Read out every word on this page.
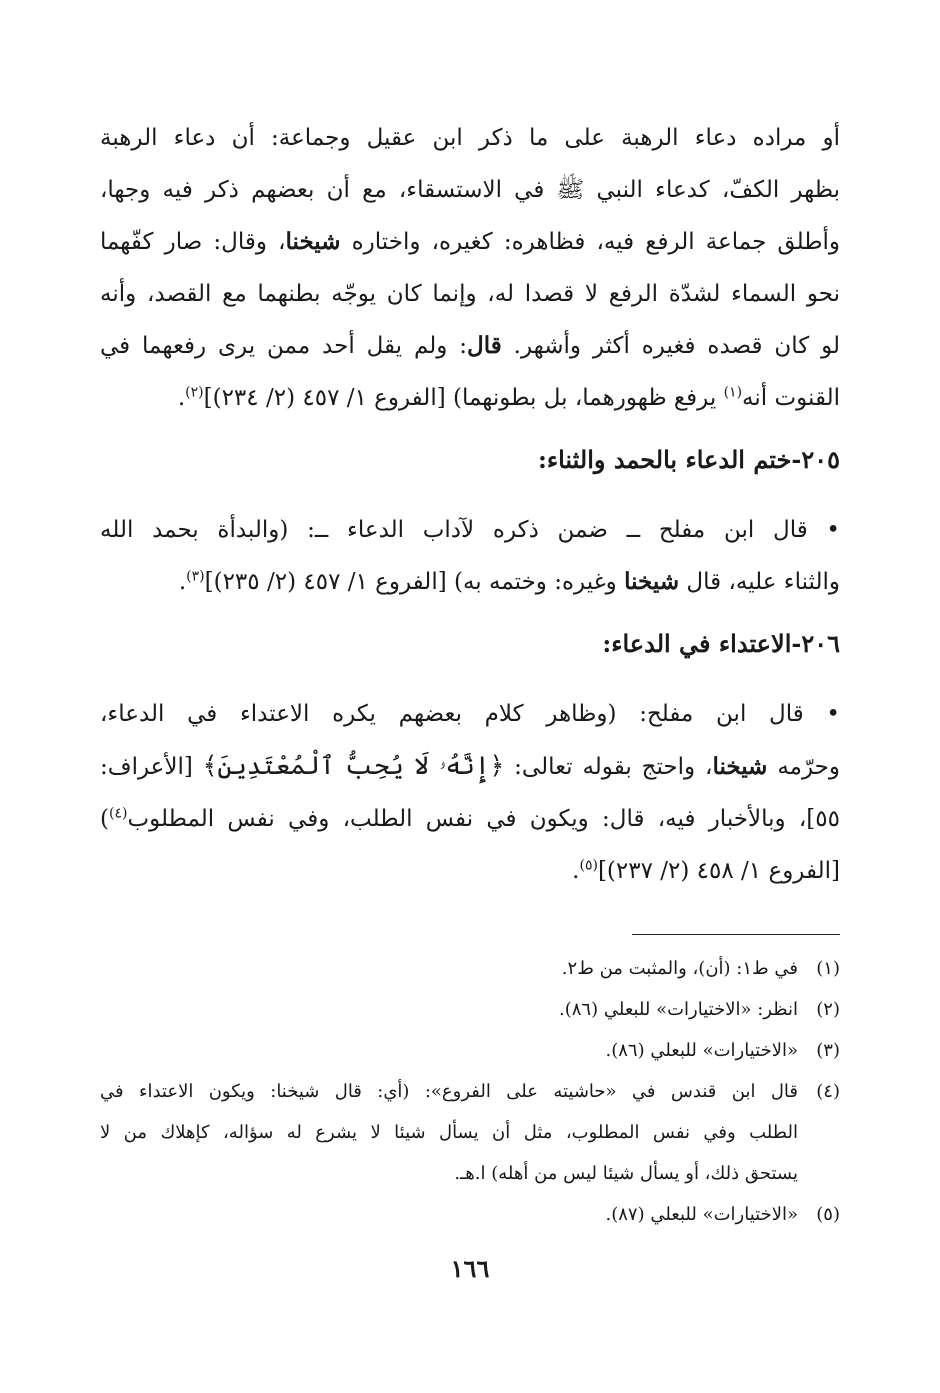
أو مراده دعاء الرهبة على ما ذكر ابن عقيل وجماعة: أن دعاء الرهبة
بظهر الكفّ، كدعاء النبي ﷺ في الاستسقاء، مع أن بعضهم ذكر فيه وجها،
وأطلق جماعة الرفع فيه، فظاهره: كغيره، واختاره شيخنا، وقال: صار كفّهما
نحو السماء لشدّة الرفع لا قصدا له، وإنما كان يوجّه بطنهما مع القصد، وأنه
لو كان قصده فغيره أكثر وأشهر. قال: ولم يقل أحد ممن يرى رفعهما في
القنوت أنه$^{(١)}$ يرفع ظهورهما، بل بطونهما) [الفروع ١/ ٤٥٧ (٢/ ٢٣٤)]$^{(٢)}$.

٢٠٥-ختم الدعاء بالحمد والثناء:

• قال ابن مفلح ــ ضمن ذكره لآداب الدعاء ــ: (والبدأة بحمد الله
والثناء عليه، قال شيخنا وغيره: وختمه به) [الفروع ١/ ٤٥٧ (٢/ ٢٣٥)]$^{(٣)}$.

٢٠٦-الاعتداء في الدعاء:

• قال ابن مفلح: (وظاهر كلام بعضهم يكره الاعتداء في الدعاء،
وحرّمه شيخنا، واحتج بقوله تعالى: ﴿إِنَّهُۥ لَا يُحِبُّ ٱلْمُعْتَدِينَ﴾ [الأعراف:
٥٥]، وبالأخبار فيه، قال: ويكون في نفس الطلب، وفي نفس المطلوب$^{(٤)}$)
[الفروع ١/ ٤٥٨ (٢/ ٢٣٧)]$^{(٥)}$.

(١)
في ط١: (أن)، والمثبت من ط٢.
(٢)
انظر: «الاختيارات» للبعلي (٨٦).
(٣)
«الاختيارات» للبعلي (٨٦).
(٤)
قال ابن قندس في «حاشيته على الفروع»: (أي: قال شيخنا: ويكون الاعتداء في
الطلب وفي نفس المطلوب، مثل أن يسأل شيئا لا يشرع له سؤاله، كإهلاك من لا
يستحق ذلك، أو يسأل شيئا ليس من أهله) ا.هـ.
(٥)
«الاختيارات» للبعلي (٨٧).
١٦٦
